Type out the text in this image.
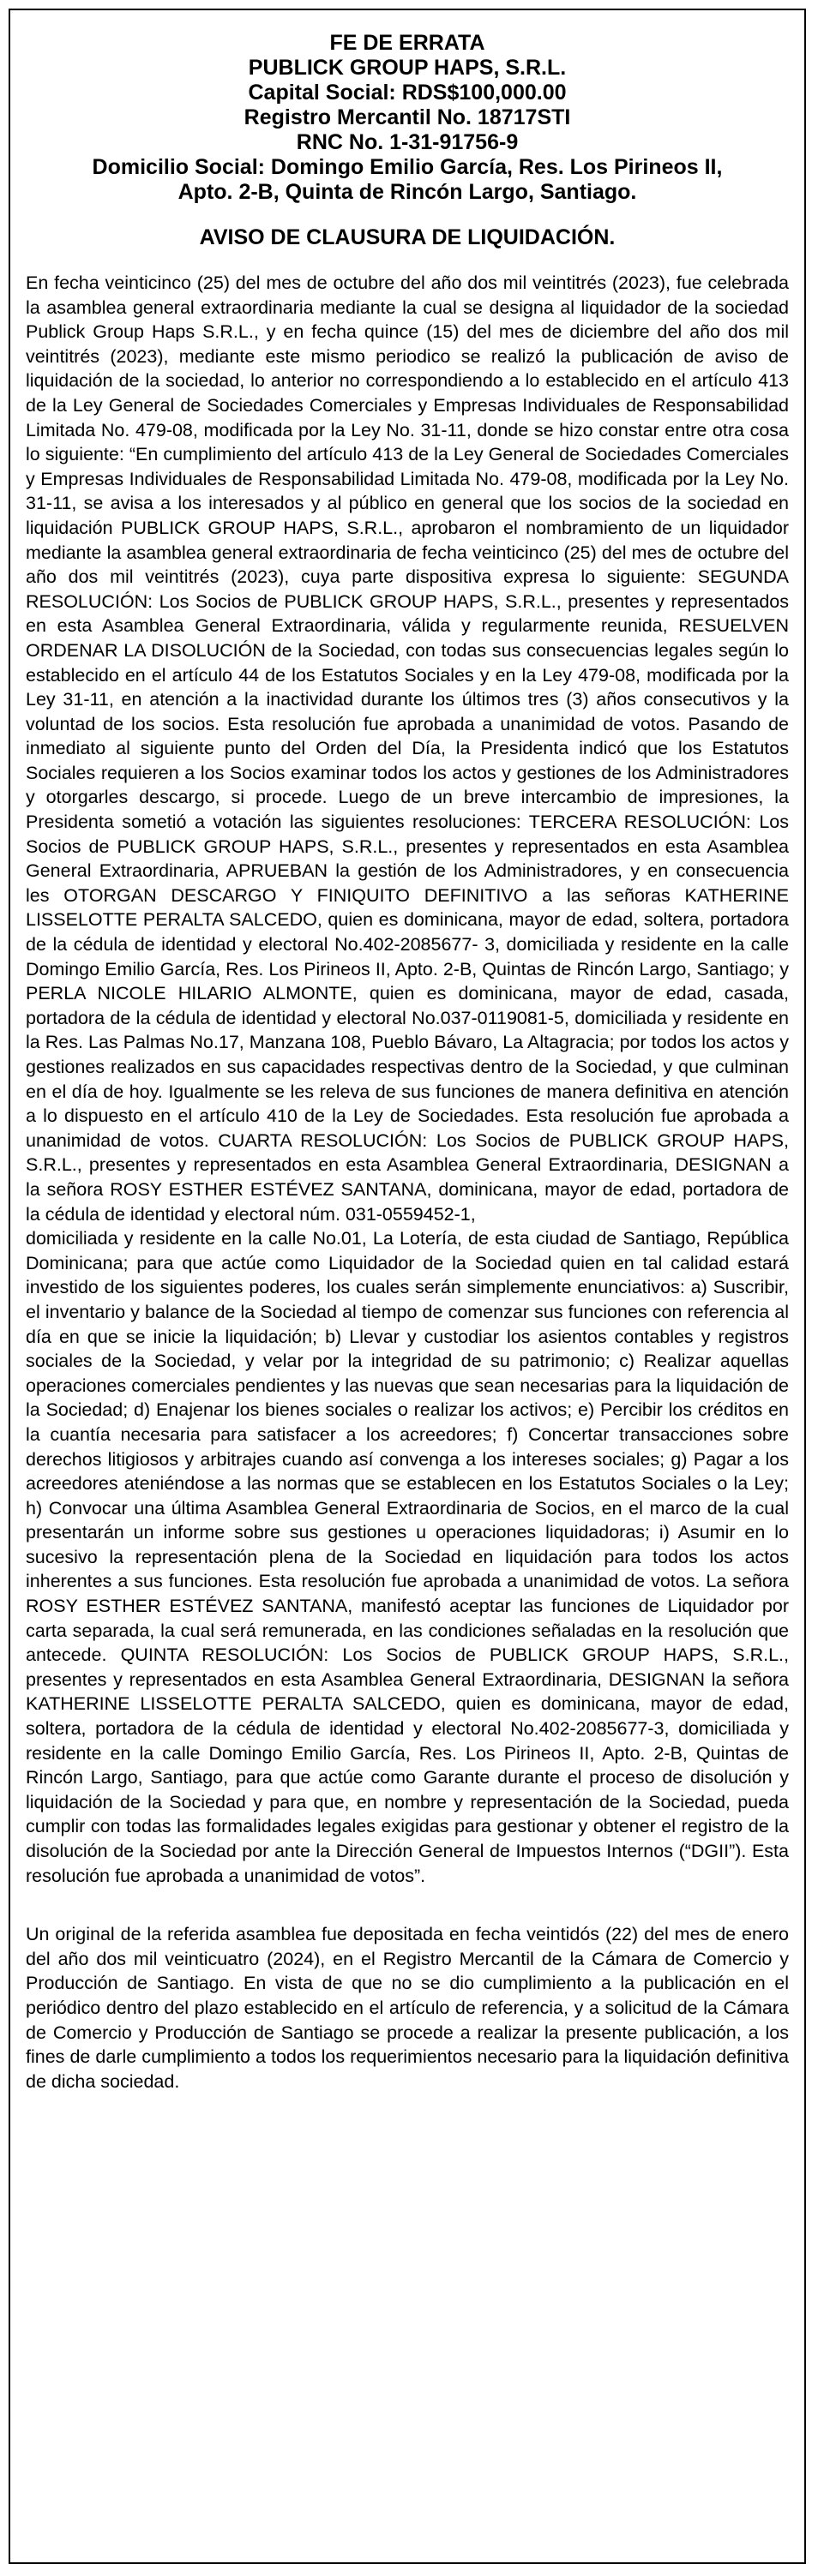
FE DE ERRATA
PUBLICK GROUP HAPS, S.R.L.
Capital Social: RDS$100,000.00
Registro Mercantil No. 18717STI
RNC No. 1-31-91756-9
Domicilio Social: Domingo Emilio García, Res. Los Pirineos II,
Apto. 2-B, Quinta de Rincón Largo, Santiago.
AVISO DE CLAUSURA DE LIQUIDACIÓN.

En fecha veinticinco (25) del mes de octubre del año dos mil veintitrés (2023), fue celebrada la asamblea general extraordinaria mediante la cual se designa al liquidador de la sociedad Publick Group Haps S.R.L., y en fecha quince (15) del mes de diciembre del año dos mil veintitrés (2023), mediante este mismo periodico se realizó la publicación de aviso de liquidación de la sociedad, lo anterior no correspondiendo a lo establecido en el artículo 413 de la Ley General de Sociedades Comerciales y Empresas Individuales de Responsabilidad Limitada No. 479-08, modificada por la Ley No. 31-11, donde se hizo constar entre otra cosa lo siguiente: “En cumplimiento del artículo 413 de la Ley General de Sociedades Comerciales y Empresas Individuales de Responsabilidad Limitada No. 479-08, modificada por la Ley No. 31-11, se avisa a los interesados y al público en general que los socios de la sociedad en liquidación PUBLICK GROUP HAPS, S.R.L., aprobaron el nombramiento de un liquidador mediante la asamblea general extraordinaria de fecha veinticinco (25) del mes de octubre del año dos mil veintitrés (2023), cuya parte dispositiva expresa lo siguiente: SEGUNDA RESOLUCIÓN: Los Socios de PUBLICK GROUP HAPS, S.R.L., presentes y representados en esta Asamblea General Extraordinaria, válida y regularmente reunida, RESUELVEN ORDENAR LA DISOLUCIÓN de la Sociedad, con todas sus consecuencias legales según lo establecido en el artículo 44 de los Estatutos Sociales y en la Ley 479-08, modificada por la Ley 31-11, en atención a la inactividad durante los últimos tres (3) años consecutivos y la voluntad de los socios. Esta resolución fue aprobada a unanimidad de votos. Pasando de inmediato al siguiente punto del Orden del Día, la Presidenta indicó que los Estatutos Sociales requieren a los Socios examinar todos los actos y gestiones de los Administradores y otorgarles descargo, si procede. Luego de un breve intercambio de impresiones, la Presidenta sometió a votación las siguientes resoluciones: TERCERA RESOLUCIÓN: Los Socios de PUBLICK GROUP HAPS, S.R.L., presentes y representados en esta Asamblea General Extraordinaria, APRUEBAN la gestión de los Administradores, y en consecuencia les OTORGAN DESCARGO Y FINIQUITO DEFINITIVO a las señoras KATHERINE LISSELOTTE PERALTA SALCEDO, quien es dominicana, mayor de edad, soltera, portadora de la cédula de identidad y electoral No.402-2085677- 3, domiciliada y residente en la calle Domingo Emilio García, Res. Los Pirineos II, Apto. 2-B, Quintas de Rincón Largo, Santiago; y PERLA NICOLE HILARIO ALMONTE, quien es dominicana, mayor de edad, casada, portadora de la cédula de identidad y electoral No.037-0119081-5, domiciliada y residente en la Res. Las Palmas No.17, Manzana 108, Pueblo Bávaro, La Altagracia; por todos los actos y gestiones realizados en sus capacidades respectivas dentro de la Sociedad, y que culminan en el día de hoy. Igualmente se les releva de sus funciones de manera definitiva en atención a lo dispuesto en el artículo 410 de la Ley de Sociedades. Esta resolución fue aprobada a unanimidad de votos. CUARTA RESOLUCIÓN: Los Socios de PUBLICK GROUP HAPS, S.R.L., presentes y representados en esta Asamblea General Extraordinaria, DESIGNAN a la señora ROSY ESTHER ESTÉVEZ SANTANA, dominicana, mayor de edad, portadora de la cédula de identidad y electoral núm. 031-0559452-1,

domiciliada y residente en la calle No.01, La Lotería, de esta ciudad de Santiago, República Dominicana; para que actúe como Liquidador de la Sociedad quien en tal calidad estará investido de los siguientes poderes, los cuales serán simplemente enunciativos: a) Suscribir, el inventario y balance de la Sociedad al tiempo de comenzar sus funciones con referencia al día en que se inicie la liquidación; b) Llevar y custodiar los asientos contables y registros sociales de la Sociedad, y velar por la integridad de su patrimonio; c) Realizar aquellas operaciones comerciales pendientes y las nuevas que sean necesarias para la liquidación de la Sociedad; d) Enajenar los bienes sociales o realizar los activos; e) Percibir los créditos en la cuantía necesaria para satisfacer a los acreedores; f) Concertar transacciones sobre derechos litigiosos y arbitrajes cuando así convenga a los intereses sociales; g) Pagar a los acreedores ateniéndose a las normas que se establecen en los Estatutos Sociales o la Ley; h) Convocar una última Asamblea General Extraordinaria de Socios, en el marco de la cual presentarán un informe sobre sus gestiones u operaciones liquidadoras; i) Asumir en lo sucesivo la representación plena de la Sociedad en liquidación para todos los actos inherentes a sus funciones. Esta resolución fue aprobada a unanimidad de votos. La señora ROSY ESTHER ESTÉVEZ SANTANA, manifestó aceptar las funciones de Liquidador por carta separada, la cual será remunerada, en las condiciones señaladas en la resolución que antecede. QUINTA RESOLUCIÓN: Los Socios de PUBLICK GROUP HAPS, S.R.L., presentes y representados en esta Asamblea General Extraordinaria, DESIGNAN la señora KATHERINE LISSELOTTE PERALTA SALCEDO, quien es dominicana, mayor de edad, soltera, portadora de la cédula de identidad y electoral No.402-2085677-3, domiciliada y residente en la calle Domingo Emilio García, Res. Los Pirineos II, Apto. 2-B, Quintas de Rincón Largo, Santiago, para que actúe como Garante durante el proceso de disolución y liquidación de la Sociedad y para que, en nombre y representación de la Sociedad, pueda cumplir con todas las formalidades legales exigidas para gestionar y obtener el registro de la disolución de la Sociedad por ante la Dirección General de Impuestos Internos (“DGII”). Esta resolución fue aprobada a unanimidad de votos”.

Un original de la referida asamblea fue depositada en fecha veintidós (22) del mes de enero del año dos mil veinticuatro (2024), en el Registro Mercantil de la Cámara de Comercio y Producción de Santiago. En vista de que no se dio cumplimiento a la publicación en el periódico dentro del plazo establecido en el artículo de referencia, y a solicitud de la Cámara de Comercio y Producción de Santiago se procede a realizar la presente publicación, a los fines de darle cumplimiento a todos los requerimientos necesario para la liquidación definitiva de dicha sociedad.
